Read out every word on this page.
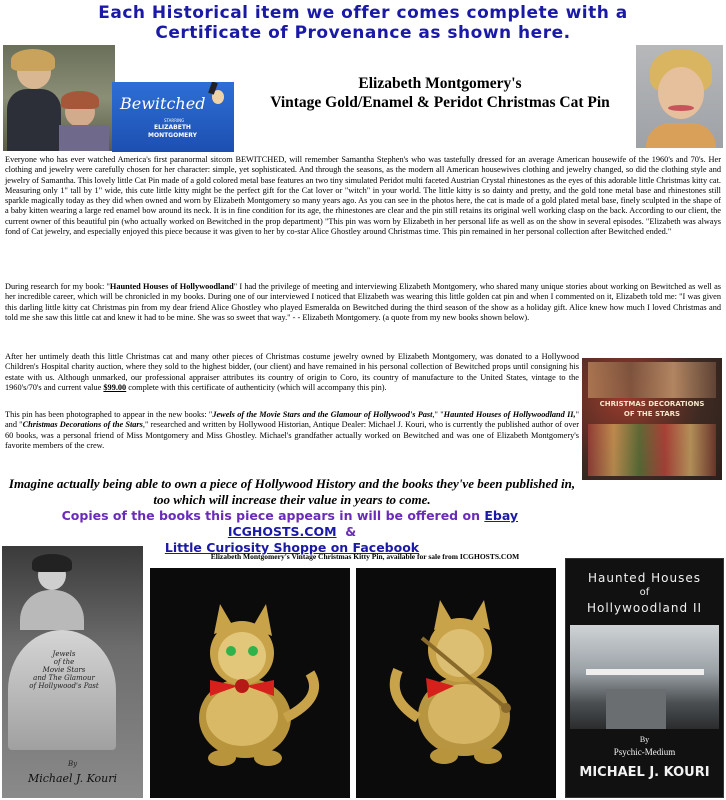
Each Historical item we offer comes complete with a
Certificate of Provenance as shown here.
Bewitched
STARRING
ELIZABETH
MONTGOMERY
Elizabeth Montgomery's
Vintage Gold/Enamel & Peridot Christmas Cat Pin
Everyone who has ever watched America's first paranormal sitcom BEWITCHED, will remember Samantha Stephen's who was tastefully dressed for an average American housewife of the 1960's and 70's. Her clothing and jewelry were carefully chosen for her character: simple, yet sophisticated. And through the seasons, as the modern all American housewives clothing and jewelry changed, so did the clothing style and jewelry of Samantha. This lovely little Cat Pin made of a gold colored metal base features an two tiny simulated Peridot multi faceted Austrian Crystal rhinestones as the eyes of this adorable little Christmas kitty cat. Measuring only 1" tall by 1" wide, this cute little kitty might be the perfect gift for the Cat lover or "witch" in your world. The little kitty is so dainty and pretty, and the gold tone metal base and rhinestones still sparkle magically today as they did when owned and worn by Elizabeth Montgomery so many years ago. As you can see in the photos here, the cat is made of a gold plated metal base, finely sculpted in the shape of a baby kitten wearing a large red enamel bow around its neck. It is in fine condition for its age, the rhinestones are clear and the pin still retains its original well working clasp on the back. According to our client, the current owner of this beautiful pin (who actually worked on Bewitched in the prop department) "This pin was worn by Elizabeth in her personal life as well as on the show in several episodes. "Elizabeth was always fond of Cat jewelry, and especially enjoyed this piece because it was given to her by co-star Alice Ghostley around Christmas time. This pin remained in her personal collection after Bewitched ended."
During research for my book: "Haunted Houses of Hollywoodland" I had the privilege of meeting and interviewing Elizabeth Montgomery, who shared many unique stories about working on Bewitched as well as her incredible career, which will be chronicled in my books. During one of our interviewed I noticed that Elizabeth was wearing this little golden cat pin and when I commented on it, Elizabeth told me: "I was given this darling little kitty cat Christmas pin from my dear friend Alice Ghostley who played Esmeralda on Bewitched during the third season of the show as a holiday gift. Alice knew how much I loved Christmas and told me she saw this little cat and knew it had to be mine. She was so sweet that way." - - Elizabeth Montgomery. (a quote from my new books shown below).
After her untimely death this little Christmas cat and many other pieces of Christmas costume jewelry owned by Elizabeth Montgomery, was donated to a Hollywood Children's Hospital charity auction, where they sold to the highest bidder, (our client) and have remained in his personal collection of Bewitched props until consigning his estate with us. Although unmarked, our professional appraiser attributes its country of origin to Coro, its country of manufacture to the United States, vintage to the 1960's/70's and current value $99.00 complete with this certificate of authenticity (which will accompany this pin).
This pin has been photographed to appear in the new books: "Jewels of the Movie Stars and the Glamour of Hollywood's Past," "Haunted Houses of Hollywoodland II," and "Christmas Decorations of the Stars," researched and written by Hollywood Historian, Antique Dealer: Michael J. Kouri, who is currently the published author of over 60 books, was a personal friend of Miss Montgomery and Miss Ghostley. Michael's grandfather actually worked on Bewitched and was one of Elizabeth Montgomery's favorite members of the crew.
CHRISTMAS DECORATIONS
OF THE STARS
Imagine actually being able to own a piece of Hollywood History and the books they've been published in, too which will increase their value in years to come.
Copies of the books this piece appears in will be offered on Ebay  ICGHOSTS.COM &
Little Curiosity Shoppe on Facebook
Jewels
of the
Movie Stars
and The Glamour
of Hollywood's Past
By
Michael J. Kouri
Elizabeth Montgomery's Vintage Christmas Kitty Pin, available for sale from ICGHOSTS.COM
Haunted Houses
of
Hollywoodland II
By
Psychic-Medium
MICHAEL J. KOURI
